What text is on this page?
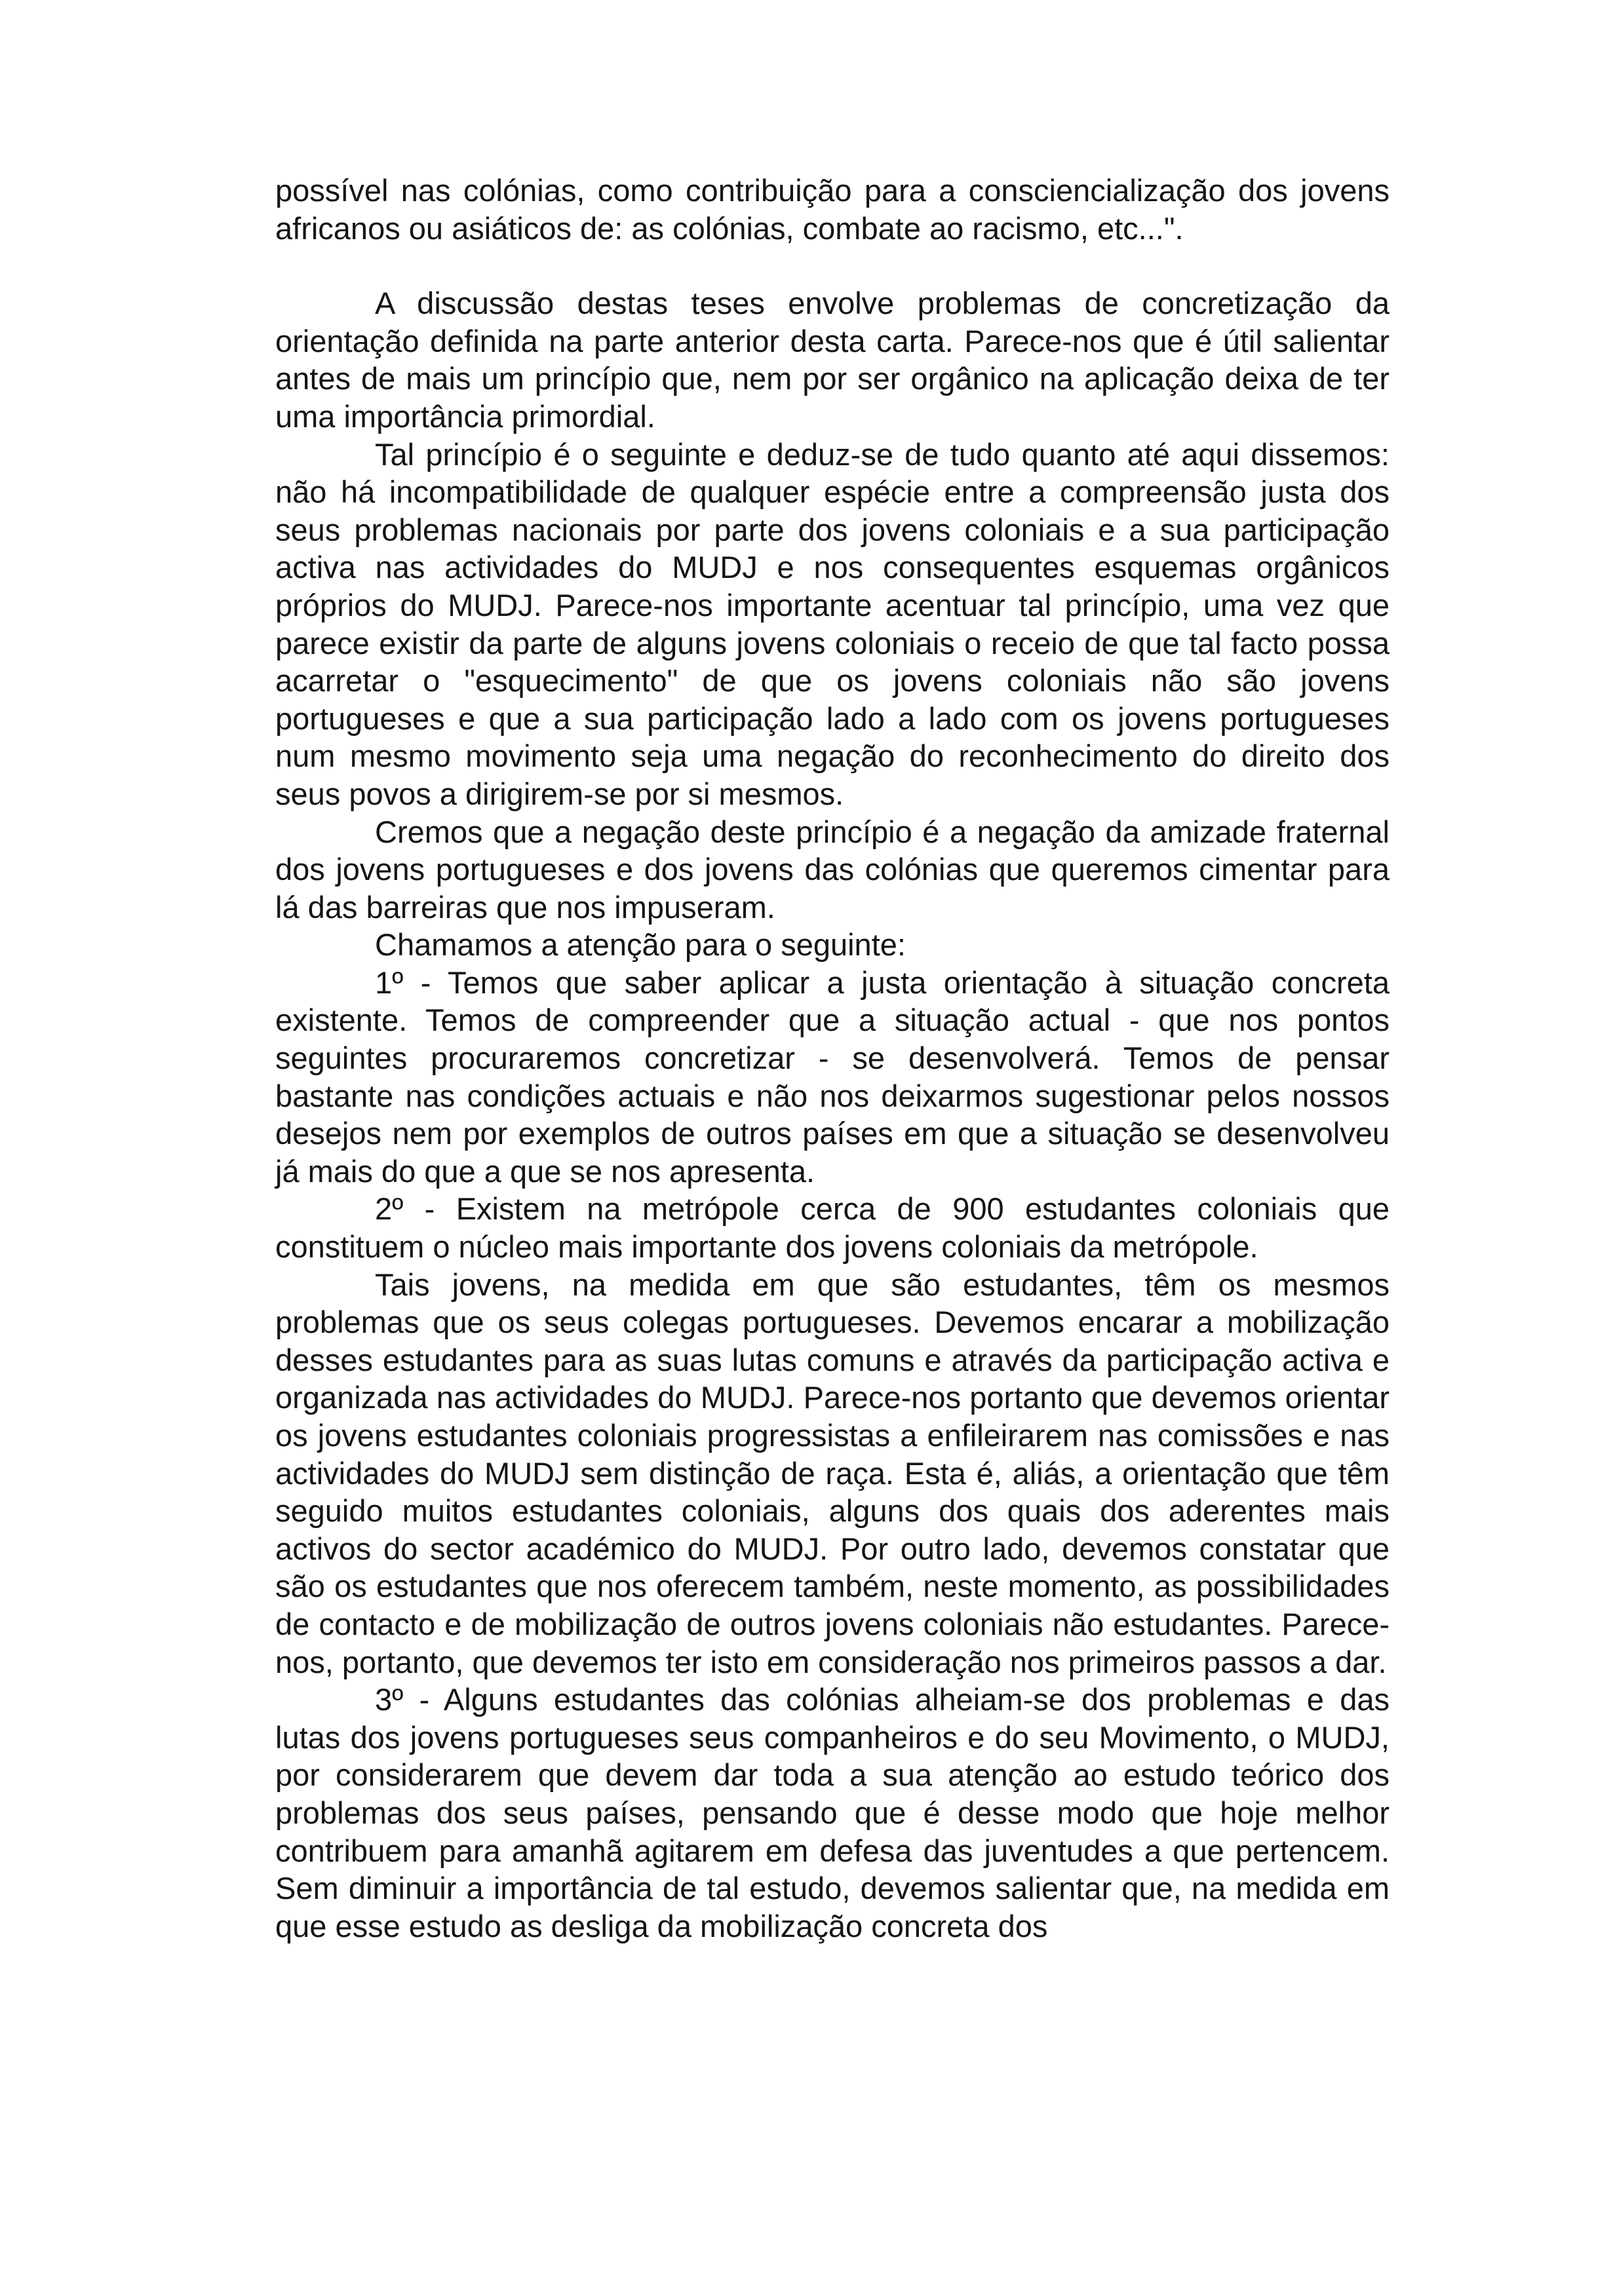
possível nas colónias, como contribuição para a consciencialização dos jovens africanos ou asiáticos de: as colónias, combate ao racismo, etc...".

A discussão destas teses envolve problemas de concretização da orientação definida na parte anterior desta carta. Parece-nos que é útil salientar antes de mais um princípio que, nem por ser orgânico na aplicação deixa de ter uma importância primordial.

Tal princípio é o seguinte e deduz-se de tudo quanto até aqui dissemos: não há incompatibilidade de qualquer espécie entre a compreensão justa dos seus problemas nacionais por parte dos jovens coloniais e a sua participação activa nas actividades do MUDJ e nos consequentes esquemas orgânicos próprios do MUDJ. Parece-nos importante acentuar tal princípio, uma vez que parece existir da parte de alguns jovens coloniais o receio de que tal facto possa acarretar o "esquecimento" de que os jovens coloniais não são jovens portugueses e que a sua participação lado a lado com os jovens portugueses num mesmo movimento seja uma negação do reconhecimento do direito dos seus povos a dirigirem-se por si mesmos.

Cremos que a negação deste princípio é a negação da amizade fraternal dos jovens portugueses e dos jovens das colónias que queremos cimentar para lá das barreiras que nos impuseram.

Chamamos a atenção para o seguinte:

1º - Temos que saber aplicar a justa orientação à situação concreta existente. Temos de compreender que a situação actual - que nos pontos seguintes procuraremos concretizar - se desenvolverá. Temos de pensar bastante nas condições actuais e não nos deixarmos sugestionar pelos nossos desejos nem por exemplos de outros países em que a situação se desenvolveu já mais do que a que se nos apresenta.

2º - Existem na metrópole cerca de 900 estudantes coloniais que constituem o núcleo mais importante dos jovens coloniais da metrópole.

Tais jovens, na medida em que são estudantes, têm os mesmos problemas que os seus colegas portugueses. Devemos encarar a mobilização desses estudantes para as suas lutas comuns e através da participação activa e organizada nas actividades do MUDJ. Parece-nos portanto que devemos orientar os jovens estudantes coloniais progressistas a enfileirarem nas comissões e nas actividades do MUDJ sem distinção de raça. Esta é, aliás, a orientação que têm seguido muitos estudantes coloniais, alguns dos quais dos aderentes mais activos do sector académico do MUDJ. Por outro lado, devemos constatar que são os estudantes que nos oferecem também, neste momento, as possibilidades de contacto e de mobilização de outros jovens coloniais não estudantes. Parece-nos, portanto, que devemos ter isto em consideração nos primeiros passos a dar.

3º - Alguns estudantes das colónias alheiam-se dos problemas e das lutas dos jovens portugueses seus companheiros e do seu Movimento, o MUDJ, por considerarem que devem dar toda a sua atenção ao estudo teórico dos problemas dos seus países, pensando que é desse modo que hoje melhor contribuem para amanhã agitarem em defesa das juventudes a que pertencem. Sem diminuir a importância de tal estudo, devemos salientar que, na medida em que esse estudo as desliga da mobilização concreta dos
